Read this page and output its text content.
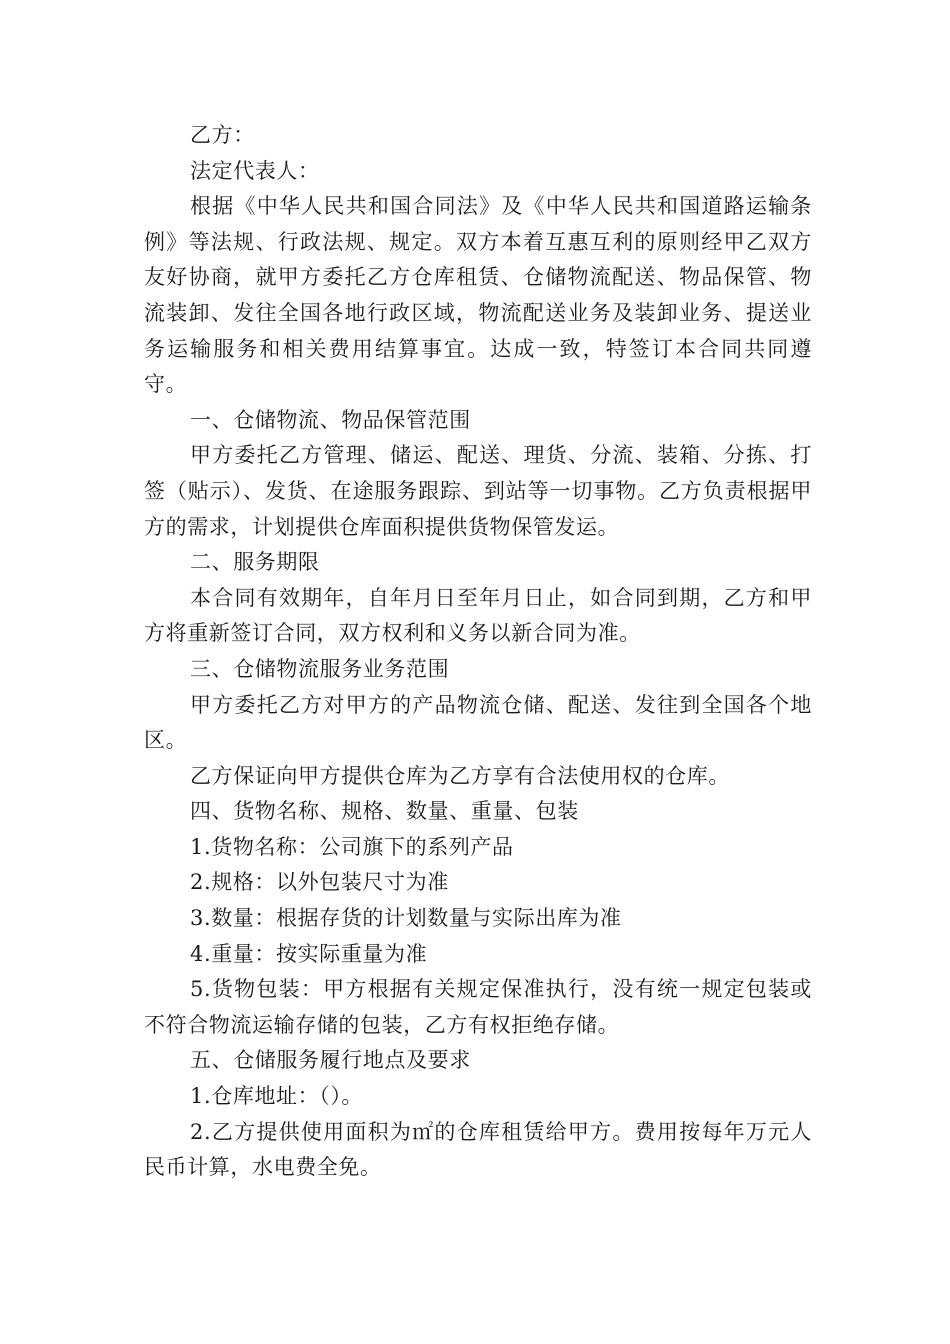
乙方：

法定代表人：

根据《中华人民共和国合同法》及《中华人民共和国道路运输条例》等法规、行政法规、规定。双方本着互惠互利的原则经甲乙双方友好协商，就甲方委托乙方仓库租赁、仓储物流配送、物品保管、物流装卸、发往全国各地行政区域，物流配送业务及装卸业务、提送业务运输服务和相关费用结算事宜。达成一致，特签订本合同共同遵守。

一、仓储物流、物品保管范围

甲方委托乙方管理、储运、配送、理货、分流、装箱、分拣、打签（贴示）、发货、在途服务跟踪、到站等一切事物。乙方负责根据甲方的需求，计划提供仓库面积提供货物保管发运。

二、服务期限

本合同有效期年，自年月日至年月日止，如合同到期，乙方和甲方将重新签订合同，双方权利和义务以新合同为准。

三、仓储物流服务业务范围

甲方委托乙方对甲方的产品物流仓储、配送、发往到全国各个地区。

乙方保证向甲方提供仓库为乙方享有合法使用权的仓库。

四、货物名称、规格、数量、重量、包装

1.货物名称：公司旗下的系列产品

2.规格：以外包装尺寸为准

3.数量：根据存货的计划数量与实际出库为准

4.重量：按实际重量为准

5.货物包装：甲方根据有关规定保准执行，没有统一规定包装或不符合物流运输存储的包装，乙方有权拒绝存储。

五、仓储服务履行地点及要求

1.仓库地址：（）。

2.乙方提供使用面积为㎡的仓库租赁给甲方。费用按每年万元人民币计算，水电费全免。
